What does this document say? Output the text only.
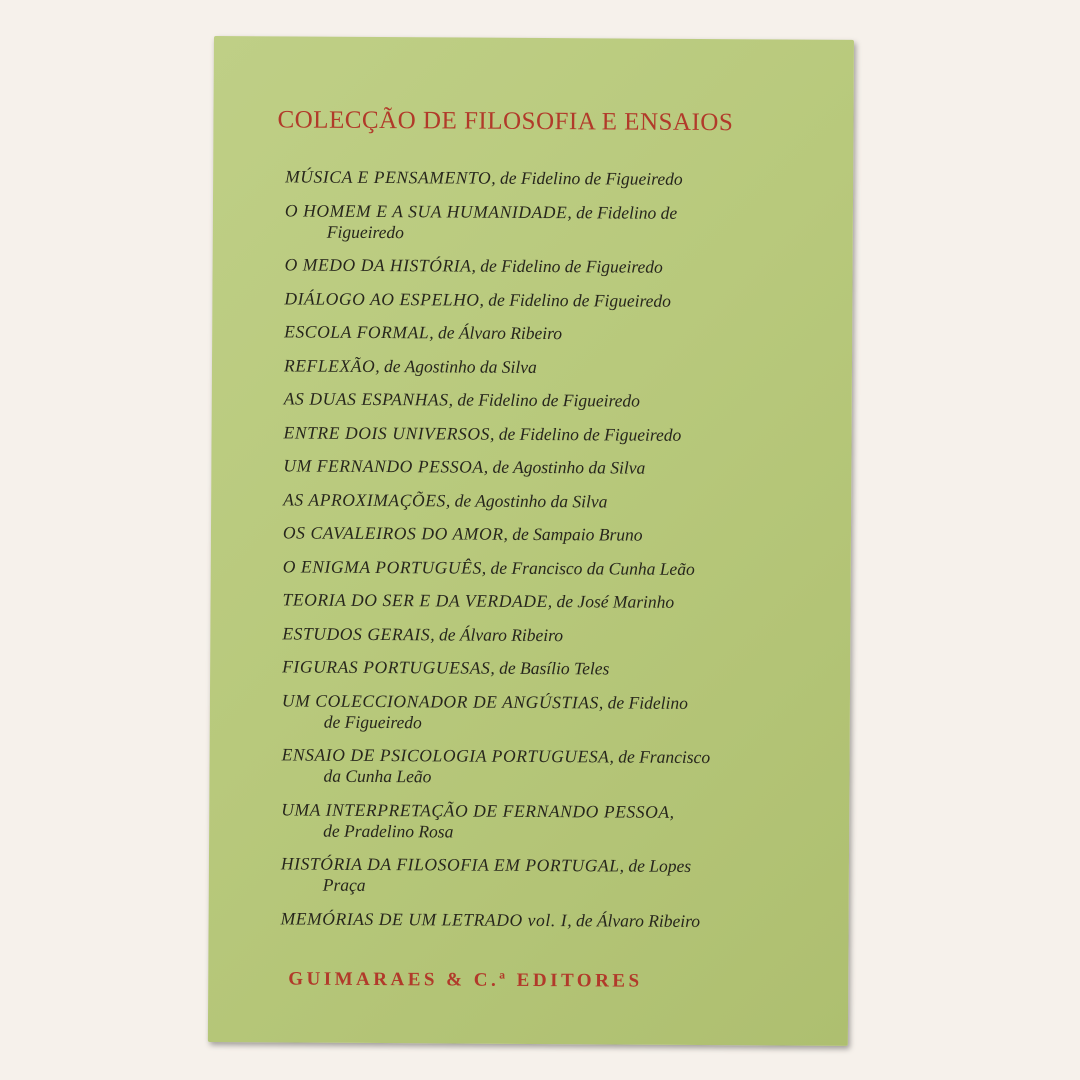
COLECÇÃO DE FILOSOFIA E ENSAIOS
MÚSICA E PENSAMENTO, de Fidelino de Figueiredo
O HOMEM E A SUA HUMANIDADE, de Fidelino de
Figueiredo
O MEDO DA HISTÓRIA, de Fidelino de Figueiredo
DIÁLOGO AO ESPELHO, de Fidelino de Figueiredo
ESCOLA FORMAL, de Álvaro Ribeiro
REFLEXÃO, de Agostinho da Silva
AS DUAS ESPANHAS, de Fidelino de Figueiredo
ENTRE DOIS UNIVERSOS, de Fidelino de Figueiredo
UM FERNANDO PESSOA, de Agostinho da Silva
AS APROXIMAÇÕES, de Agostinho da Silva
OS CAVALEIROS DO AMOR, de Sampaio Bruno
O ENIGMA PORTUGUÊS, de Francisco da Cunha Leão
TEORIA DO SER E DA VERDADE, de José Marinho
ESTUDOS GERAIS, de Álvaro Ribeiro
FIGURAS PORTUGUESAS, de Basílio Teles
UM COLECCIONADOR DE ANGÚSTIAS, de Fidelino
de Figueiredo
ENSAIO DE PSICOLOGIA PORTUGUESA, de Francisco
da Cunha Leão
UMA INTERPRETAÇÃO DE FERNANDO PESSOA,
de Pradelino Rosa
HISTÓRIA DA FILOSOFIA EM PORTUGAL, de Lopes
Praça
MEMÓRIAS DE UM LETRADO vol. I, de Álvaro Ribeiro
GUIMARAES & C.ª EDITORES
